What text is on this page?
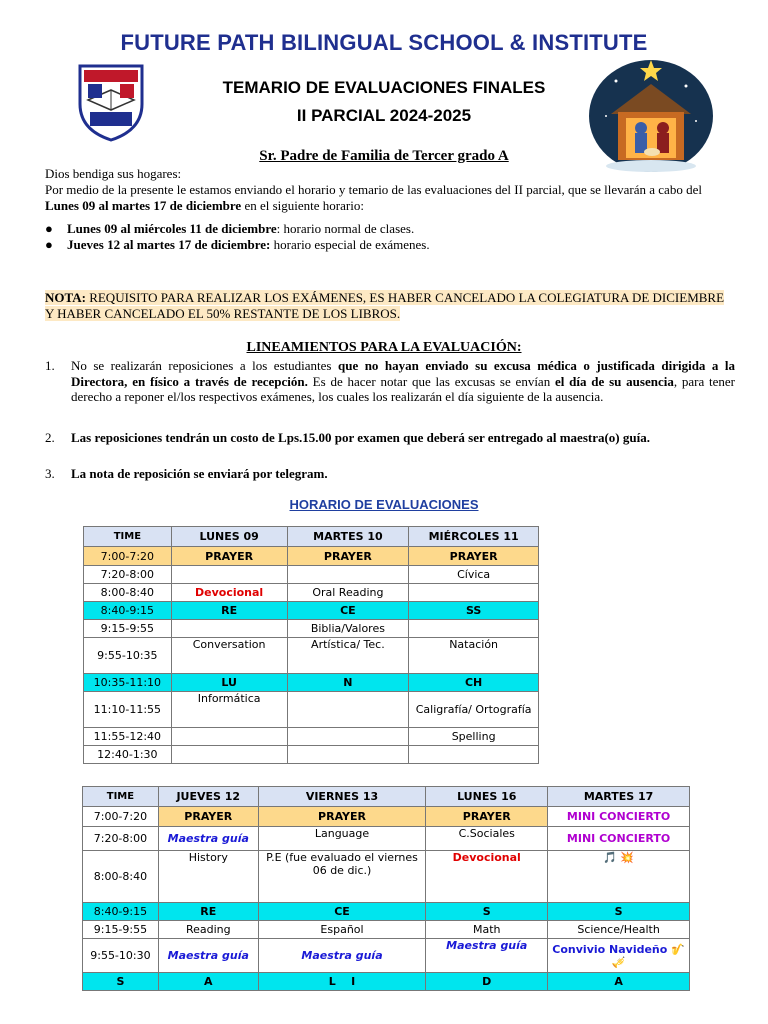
FUTURE PATH BILINGUAL SCHOOL & INSTITUTE
TEMARIO DE EVALUACIONES FINALES
II PARCIAL 2024-2025
Sr. Padre de Familia de Tercer grado A
Dios bendiga sus hogares:
Por medio de la presente le estamos enviando el horario y temario de las evaluaciones del II parcial, que se llevarán a cabo del Lunes 09 al martes 17 de diciembre en el siguiente horario:
● Lunes 09 al miércoles 11 de diciembre: horario normal de clases.
● Jueves 12 al martes 17 de diciembre: horario especial de exámenes.
NOTA: REQUISITO PARA REALIZAR LOS EXÁMENES, ES HABER CANCELADO LA COLEGIATURA DE DICIEMBRE Y HABER CANCELADO EL 50% RESTANTE DE LOS LIBROS.
LINEAMIENTOS PARA LA EVALUACIÓN:
1. No se realizarán reposiciones a los estudiantes que no hayan enviado su excusa médica o justificada dirigida a la Directora, en físico a través de recepción. Es de hacer notar que las excusas se envían el día de su ausencia, para tener derecho a reponer el/los respectivos exámenes, los cuales los realizarán el día siguiente de la ausencia.
2. Las reposiciones tendrán un costo de Lps.15.00 por examen que deberá ser entregado al maestra(o) guía.
3. La nota de reposición se enviará por telegram.
HORARIO DE EVALUACIONES
TIME	LUNES 09	MARTES 10	MIÉRCOLES 11
7:00-7:20	PRAYER	PRAYER	PRAYER
7:20-8:00			Cívica
8:00-8:40	Devocional	Oral Reading	
8:40-9:15	RE	CE	SS
9:15-9:55		Biblia/Valores	
9:55-10:35	Conversation	Artística/ Tec.	Natación
10:35-11:10	LU	N	CH
11:10-11:55	Informática		Caligrafía/ Ortografía
11:55-12:40			Spelling
12:40-1:30			
TIME	JUEVES 12	VIERNES 13	LUNES 16	MARTES 17
7:00-7:20	PRAYER	PRAYER	PRAYER	MINI CONCIERTO
7:20-8:00	Maestra guía	Language	C.Sociales	MINI CONCIERTO
8:00-8:40	History	P.E (fue evaluado el viernes 06 de dic.)	Devocional	🎵 💥
8:40-9:15	RE	CE	S	S
9:15-9:55	Reading	Español	Math	Science/Health
9:55-10:30	Maestra guía	Maestra guía	Maestra guía	Convivio Navideño 🎷🎺
S	A	L    I	D	A
